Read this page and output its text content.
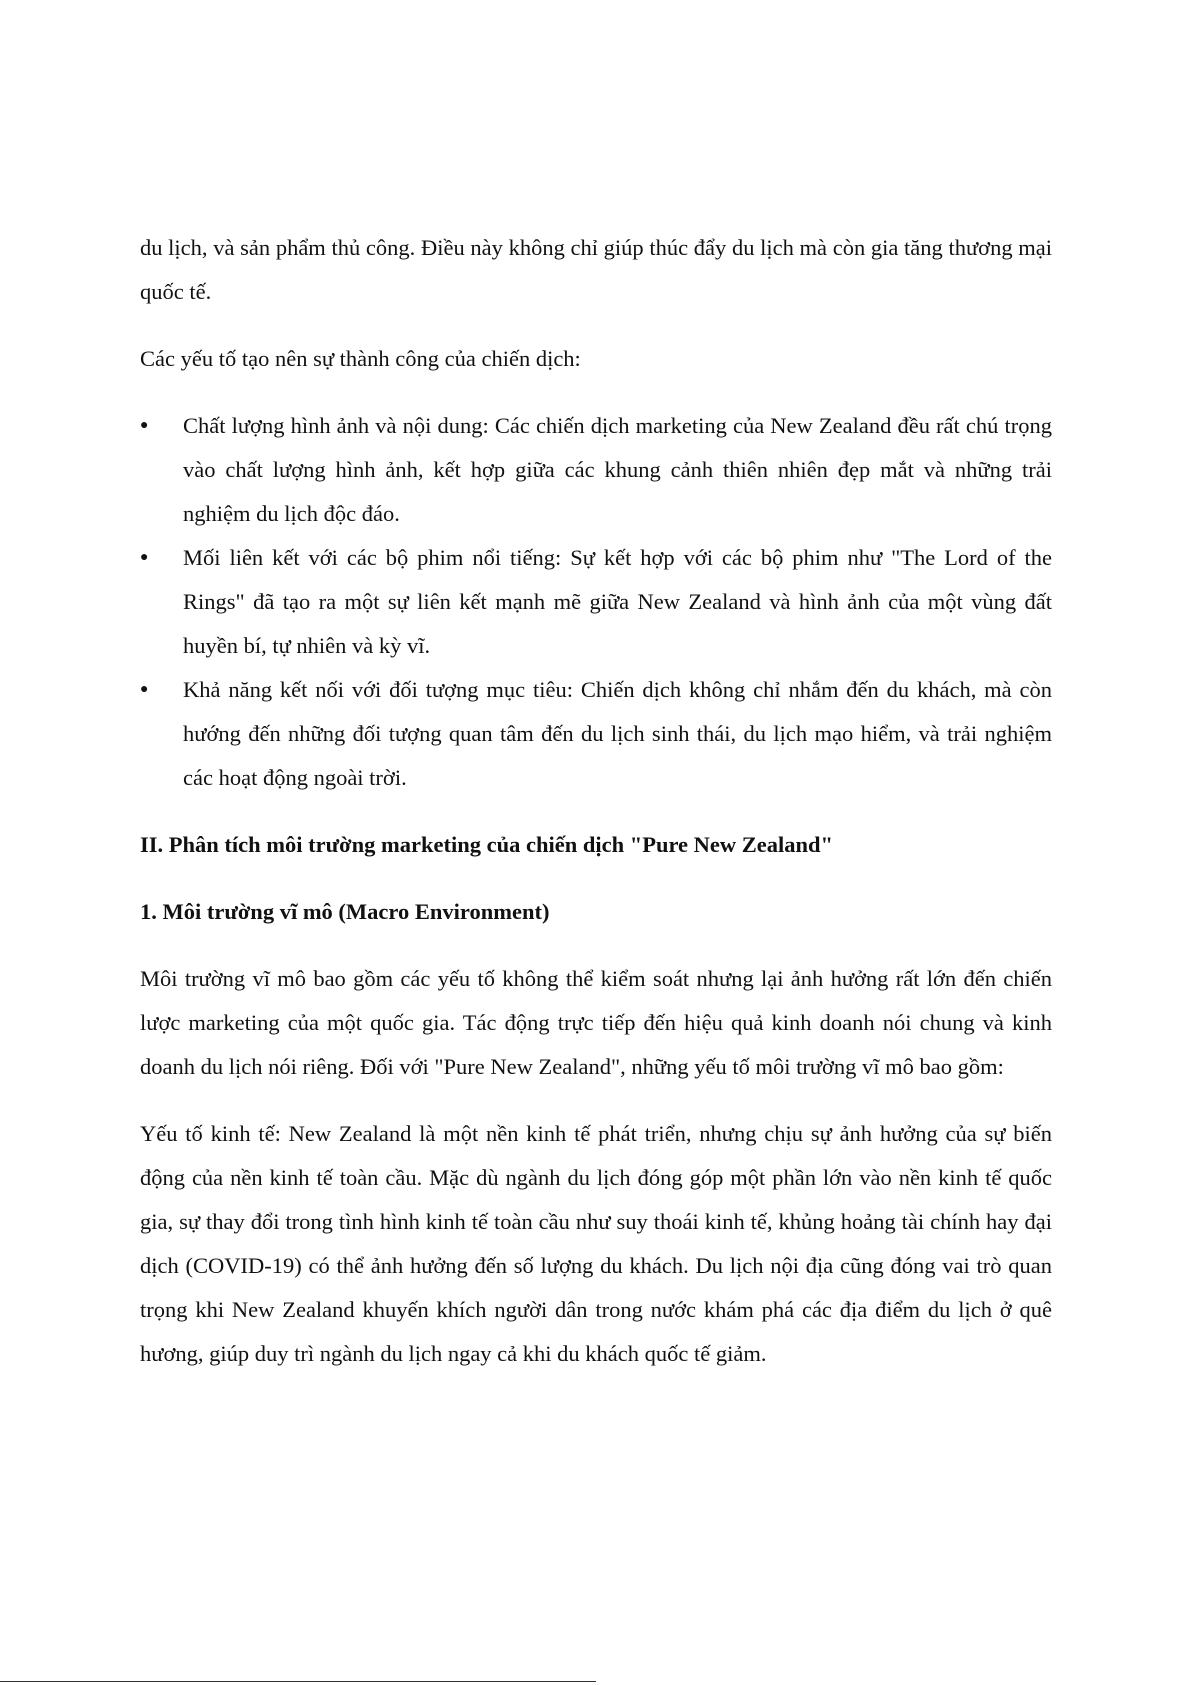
du lịch, và sản phẩm thủ công. Điều này không chỉ giúp thúc đẩy du lịch mà còn gia tăng thương mại quốc tế.

Các yếu tố tạo nên sự thành công của chiến dịch:

● Chất lượng hình ảnh và nội dung: Các chiến dịch marketing của New Zealand đều rất chú trọng vào chất lượng hình ảnh, kết hợp giữa các khung cảnh thiên nhiên đẹp mắt và những trải nghiệm du lịch độc đáo.
● Mối liên kết với các bộ phim nổi tiếng: Sự kết hợp với các bộ phim như "The Lord of the Rings" đã tạo ra một sự liên kết mạnh mẽ giữa New Zealand và hình ảnh của một vùng đất huyền bí, tự nhiên và kỳ vĩ.
● Khả năng kết nối với đối tượng mục tiêu: Chiến dịch không chỉ nhắm đến du khách, mà còn hướng đến những đối tượng quan tâm đến du lịch sinh thái, du lịch mạo hiểm, và trải nghiệm các hoạt động ngoài trời.

II. Phân tích môi trường marketing của chiến dịch "Pure New Zealand"

1. Môi trường vĩ mô (Macro Environment)

Môi trường vĩ mô bao gồm các yếu tố không thể kiểm soát nhưng lại ảnh hưởng rất lớn đến chiến lược marketing của một quốc gia. Tác động trực tiếp đến hiệu quả kinh doanh nói chung và kinh doanh du lịch nói riêng. Đối với "Pure New Zealand", những yếu tố môi trường vĩ mô bao gồm:

Yếu tố kinh tế: New Zealand là một nền kinh tế phát triển, nhưng chịu sự ảnh hưởng của sự biến động của nền kinh tế toàn cầu. Mặc dù ngành du lịch đóng góp một phần lớn vào nền kinh tế quốc gia, sự thay đổi trong tình hình kinh tế toàn cầu như suy thoái kinh tế, khủng hoảng tài chính hay đại dịch (COVID-19) có thể ảnh hưởng đến số lượng du khách. Du lịch nội địa cũng đóng vai trò quan trọng khi New Zealand khuyến khích người dân trong nước khám phá các địa điểm du lịch ở quê hương, giúp duy trì ngành du lịch ngay cả khi du khách quốc tế giảm.
